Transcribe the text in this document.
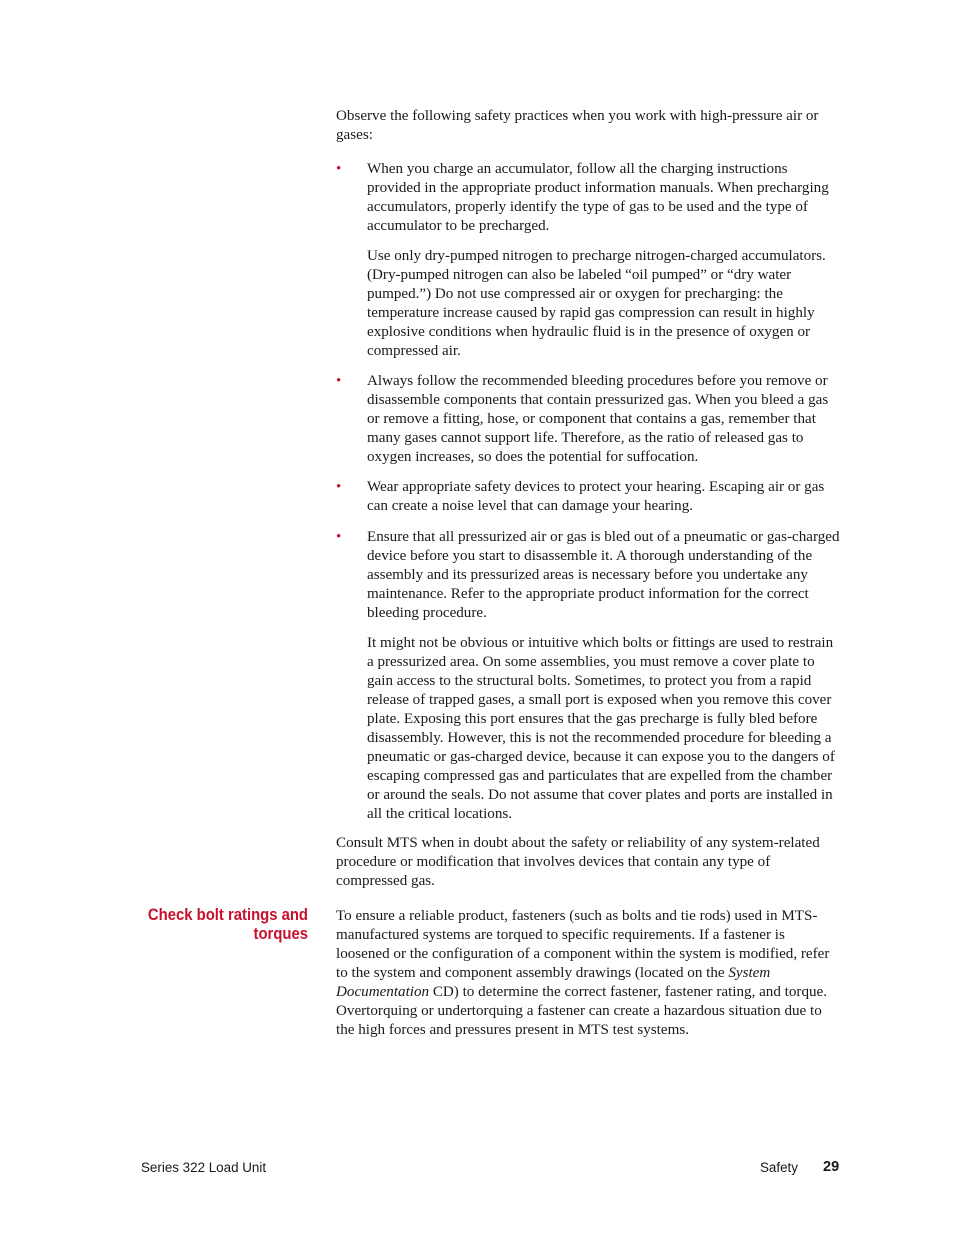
Observe the following safety practices when you work with high-pressure air or gases:

• When you charge an accumulator, follow all the charging instructions provided in the appropriate product information manuals. When precharging accumulators, properly identify the type of gas to be used and the type of accumulator to be precharged.

Use only dry-pumped nitrogen to precharge nitrogen-charged accumulators. (Dry-pumped nitrogen can also be labeled “oil pumped” or “dry water pumped.”) Do not use compressed air or oxygen for precharging: the temperature increase caused by rapid gas compression can result in highly explosive conditions when hydraulic fluid is in the presence of oxygen or compressed air.

• Always follow the recommended bleeding procedures before you remove or disassemble components that contain pressurized gas. When you bleed a gas or remove a fitting, hose, or component that contains a gas, remember that many gases cannot support life. Therefore, as the ratio of released gas to oxygen increases, so does the potential for suffocation.

• Wear appropriate safety devices to protect your hearing. Escaping air or gas can create a noise level that can damage your hearing.

• Ensure that all pressurized air or gas is bled out of a pneumatic or gas-charged device before you start to disassemble it. A thorough understanding of the assembly and its pressurized areas is necessary before you undertake any maintenance. Refer to the appropriate product information for the correct bleeding procedure.

It might not be obvious or intuitive which bolts or fittings are used to restrain a pressurized area. On some assemblies, you must remove a cover plate to gain access to the structural bolts. Sometimes, to protect you from a rapid release of trapped gases, a small port is exposed when you remove this cover plate. Exposing this port ensures that the gas precharge is fully bled before disassembly. However, this is not the recommended procedure for bleeding a pneumatic or gas-charged device, because it can expose you to the dangers of escaping compressed gas and particulates that are expelled from the chamber or around the seals. Do not assume that cover plates and ports are installed in all the critical locations.

Consult MTS when in doubt about the safety or reliability of any system-related procedure or modification that involves devices that contain any type of compressed gas.

Check bolt ratings and torques

To ensure a reliable product, fasteners (such as bolts and tie rods) used in MTS-manufactured systems are torqued to specific requirements. If a fastener is loosened or the configuration of a component within the system is modified, refer to the system and component assembly drawings (located on the System Documentation CD) to determine the correct fastener, fastener rating, and torque. Overtorquing or undertorquing a fastener can create a hazardous situation due to the high forces and pressures present in MTS test systems.

Series 322 Load Unit	Safety 29
